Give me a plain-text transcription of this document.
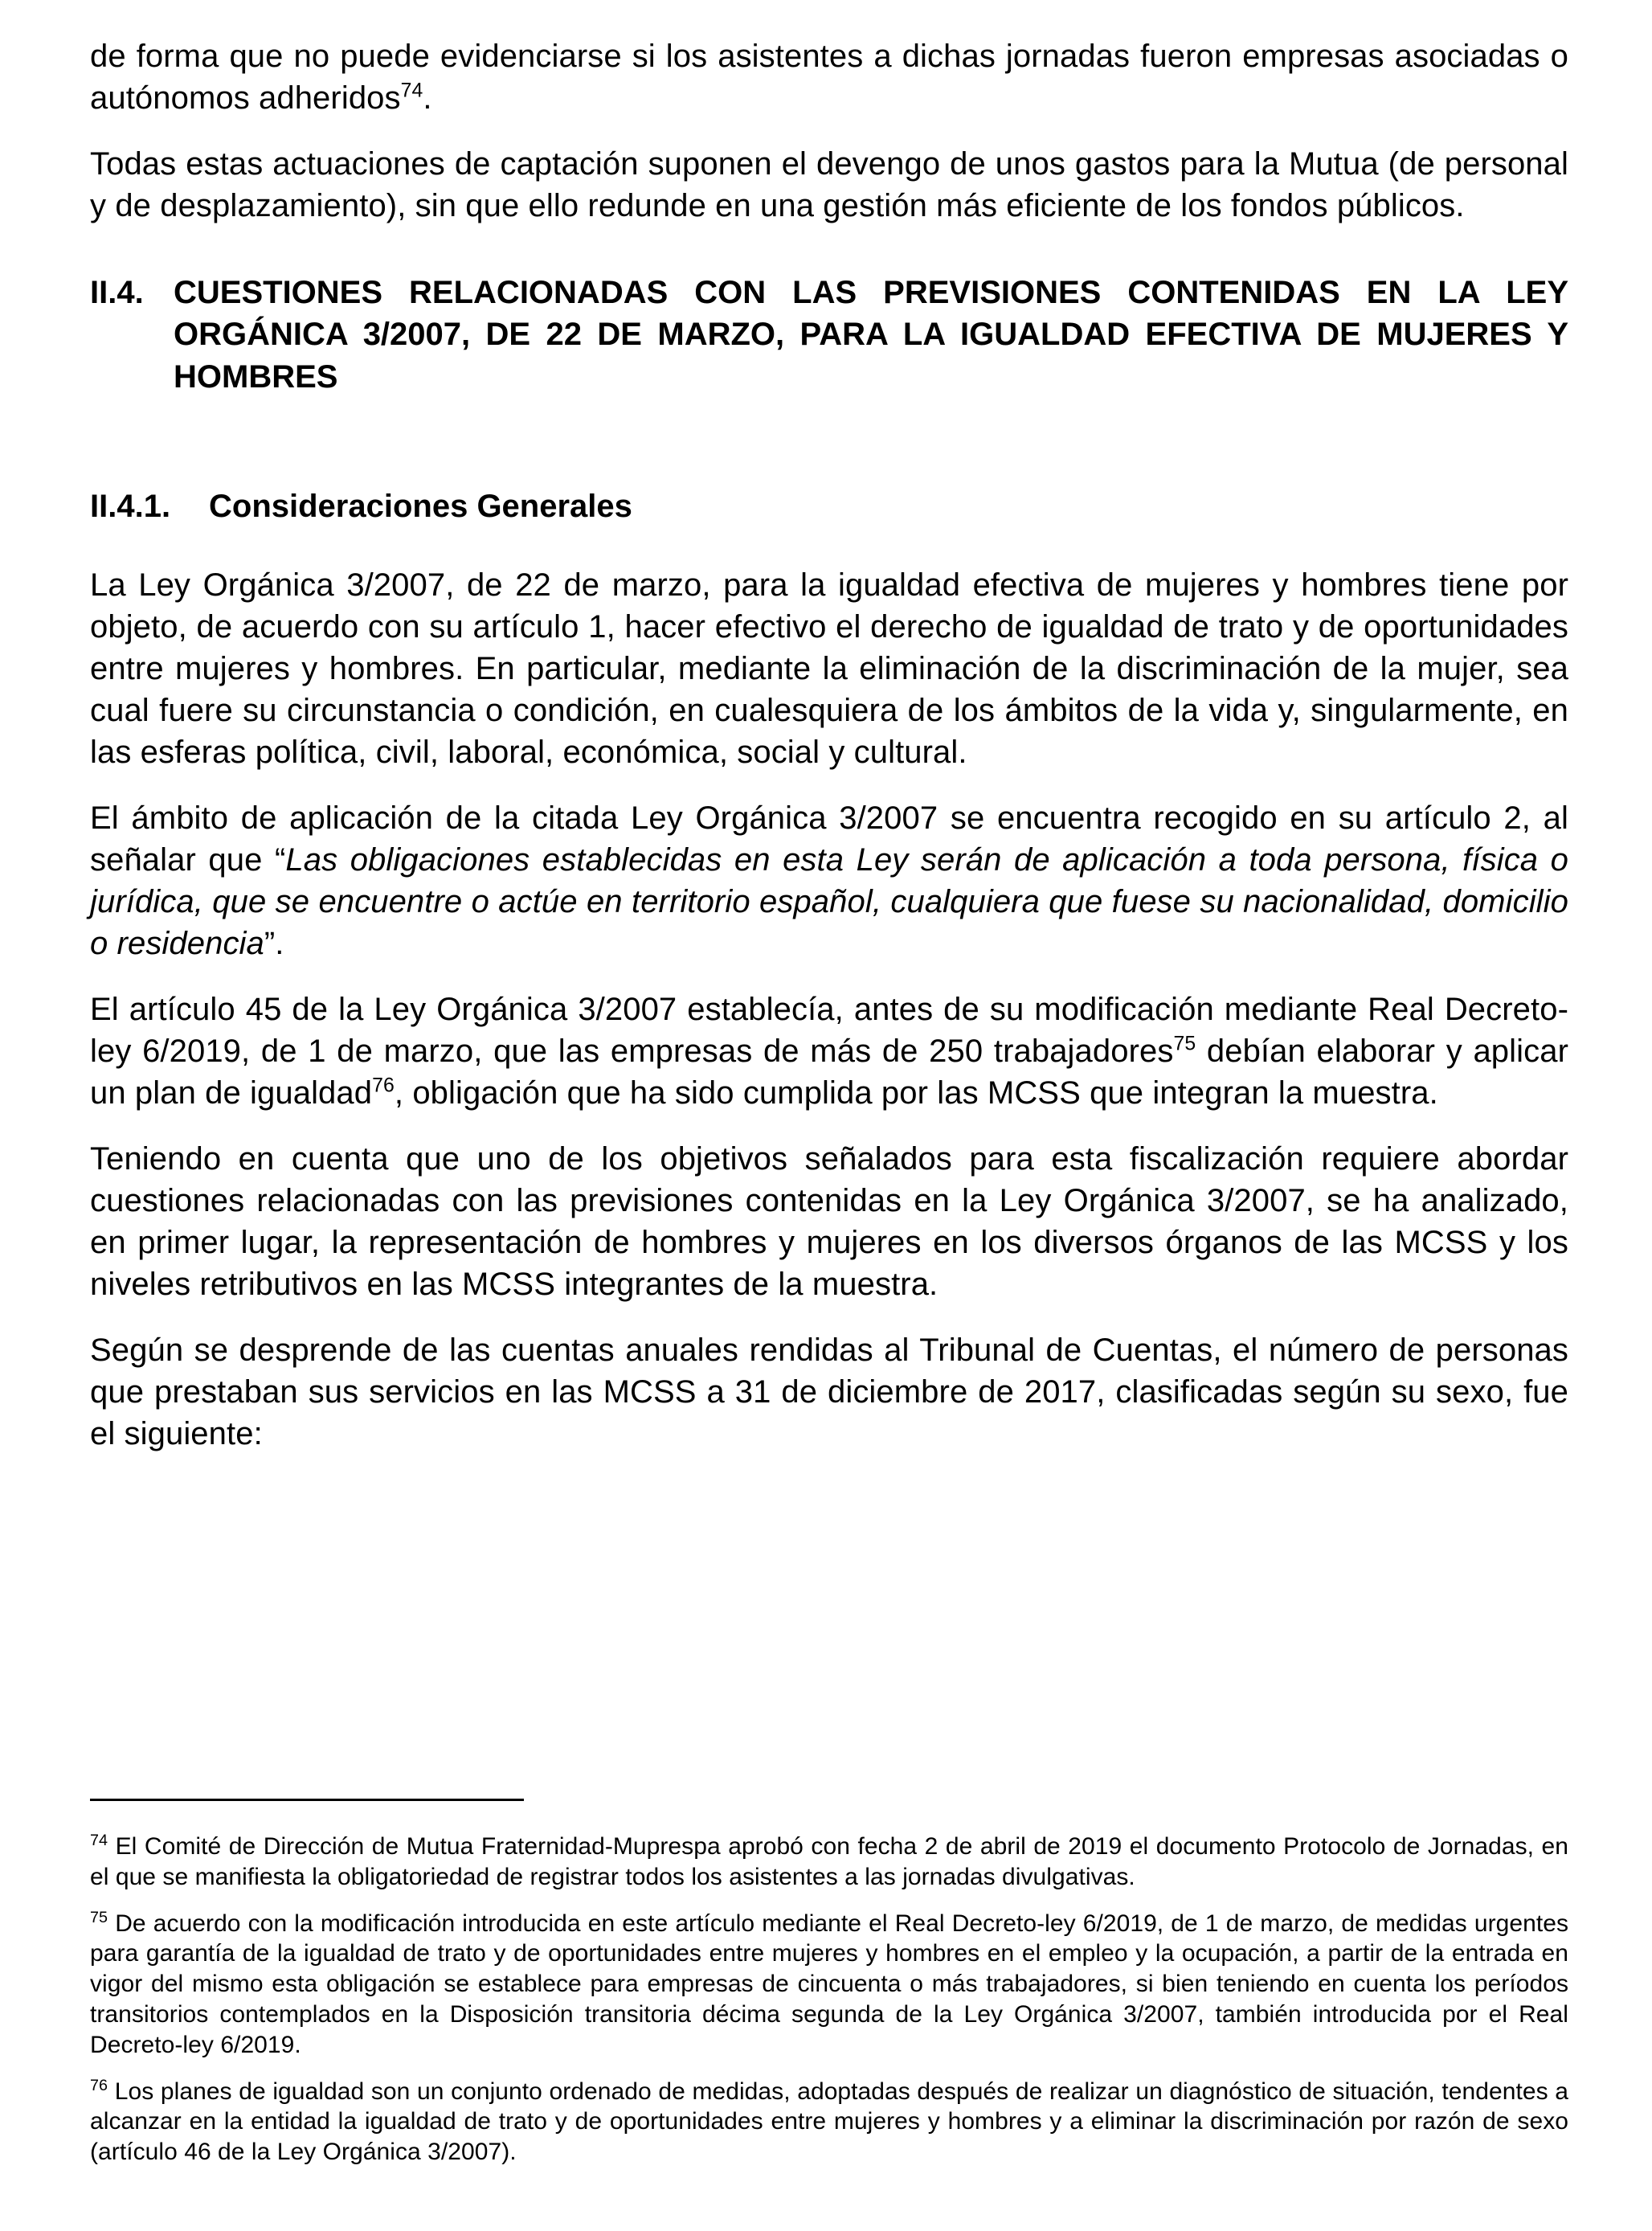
de forma que no puede evidenciarse si los asistentes a dichas jornadas fueron empresas asociadas o autónomos adheridos$^{74}$.

Todas estas actuaciones de captación suponen el devengo de unos gastos para la Mutua (de personal y de desplazamiento), sin que ello redunde en una gestión más eficiente de los fondos públicos.

II.4. CUESTIONES RELACIONADAS CON LAS PREVISIONES CONTENIDAS EN LA LEY ORGÁNICA 3/2007, DE 22 DE MARZO, PARA LA IGUALDAD EFECTIVA DE MUJERES Y HOMBRES
II.4.1.	Consideraciones Generales

La Ley Orgánica 3/2007, de 22 de marzo, para la igualdad efectiva de mujeres y hombres tiene por objeto, de acuerdo con su artículo 1, hacer efectivo el derecho de igualdad de trato y de oportunidades entre mujeres y hombres. En particular, mediante la eliminación de la discriminación de la mujer, sea cual fuere su circunstancia o condición, en cualesquiera de los ámbitos de la vida y, singularmente, en las esferas política, civil, laboral, económica, social y cultural.

El ámbito de aplicación de la citada Ley Orgánica 3/2007 se encuentra recogido en su artículo 2, al señalar que “Las obligaciones establecidas en esta Ley serán de aplicación a toda persona, física o jurídica, que se encuentre o actúe en territorio español, cualquiera que fuese su nacionalidad, domicilio o residencia”.

El artículo 45 de la Ley Orgánica 3/2007 establecía, antes de su modificación mediante Real Decreto-ley 6/2019, de 1 de marzo, que las empresas de más de 250 trabajadores$^{75}$ debían elaborar y aplicar un plan de igualdad$^{76}$, obligación que ha sido cumplida por las MCSS que integran la muestra.

Teniendo en cuenta que uno de los objetivos señalados para esta fiscalización requiere abordar cuestiones relacionadas con las previsiones contenidas en la Ley Orgánica 3/2007, se ha analizado, en primer lugar, la representación de hombres y mujeres en los diversos órganos de las MCSS y los niveles retributivos en las MCSS integrantes de la muestra.

Según se desprende de las cuentas anuales rendidas al Tribunal de Cuentas, el número de personas que prestaban sus servicios en las MCSS a 31 de diciembre de 2017, clasificadas según su sexo, fue el siguiente:

$^{74}$ El Comité de Dirección de Mutua Fraternidad-Muprespa aprobó con fecha 2 de abril de 2019 el documento Protocolo de Jornadas, en el que se manifiesta la obligatoriedad de registrar todos los asistentes a las jornadas divulgativas.

$^{75}$ De acuerdo con la modificación introducida en este artículo mediante el Real Decreto-ley 6/2019, de 1 de marzo, de medidas urgentes para garantía de la igualdad de trato y de oportunidades entre mujeres y hombres en el empleo y la ocupación, a partir de la entrada en vigor del mismo esta obligación se establece para empresas de cincuenta o más trabajadores, si bien teniendo en cuenta los períodos transitorios contemplados en la Disposición transitoria décima segunda de la Ley Orgánica 3/2007, también introducida por el Real Decreto-ley 6/2019.

$^{76}$ Los planes de igualdad son un conjunto ordenado de medidas, adoptadas después de realizar un diagnóstico de situación, tendentes a alcanzar en la entidad la igualdad de trato y de oportunidades entre mujeres y hombres y a eliminar la discriminación por razón de sexo (artículo 46 de la Ley Orgánica 3/2007).
